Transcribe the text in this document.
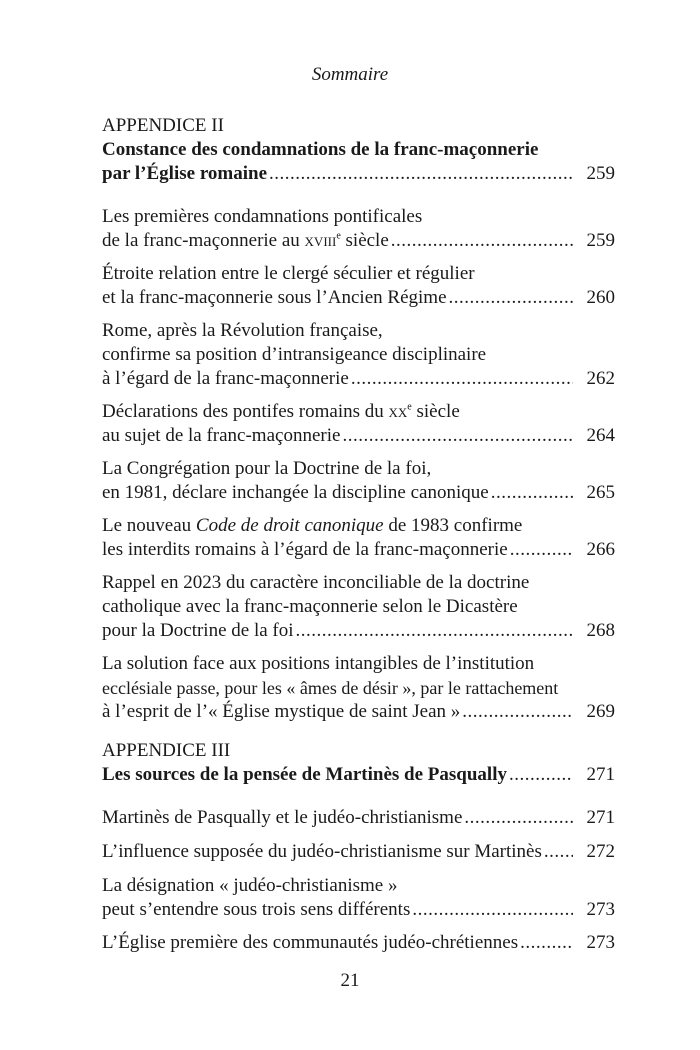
Sommaire
APPENDICE II
Constance des condamnations de la franc-maçonnerie
par l’Église romaine .....	259
Les premières condamnations pontificales
de la franc-maçonnerie au xviii$^e$ siècle .....	259
Étroite relation entre le clergé séculier et régulier
et la franc-maçonnerie sous l’Ancien Régime .....	260
Rome, après la Révolution française,
confirme sa position d’intransigeance disciplinaire
à l’égard de la franc-maçonnerie .....	262
Déclarations des pontifes romains du $xx^e$ siècle
au sujet de la franc-maçonnerie .....	264
La Congrégation pour la Doctrine de la foi,
en 1981, déclare inchangée la discipline canonique .....	265
Le nouveau Code de droit canonique de 1983 confirme
les interdits romains à l’égard de la franc-maçonnerie .....	266
Rappel en 2023 du caractère inconciliable de la doctrine
catholique avec la franc-maçonnerie selon le Dicastère
pour la Doctrine de la foi .....	268
La solution face aux positions intangibles de l’institution
ecclésiale passe, pour les « âmes de désir », par le rattachement
à l’esprit de l’« Église mystique de saint Jean » .....	269
APPENDICE III
Les sources de la pensée de Martinès de Pasqually .....	271
Martinès de Pasqually et le judéo-christianisme .....	271
L’influence supposée du judéo-christianisme sur Martinès .....	272
La désignation « judéo-christianisme »
peut s’entendre sous trois sens différents .....	273
L’Église première des communautés judéo-chrétiennes .....	273
21
